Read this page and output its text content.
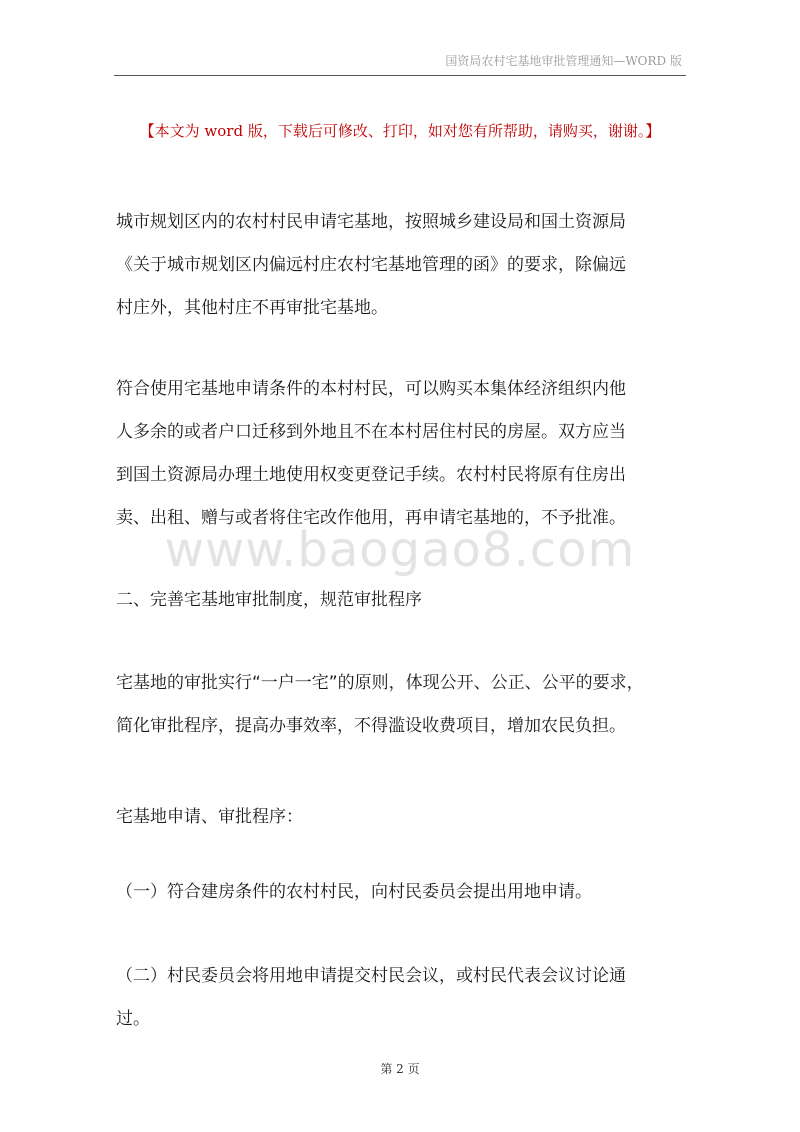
国资局农村宅基地审批管理通知—WORD 版
【本文为 word 版，下载后可修改、打印，如对您有所帮助，请购买，谢谢。】
城市规划区内的农村村民申请宅基地，按照城乡建设局和国土资源局
《关于城市规划区内偏远村庄农村宅基地管理的函》的要求，除偏远
村庄外，其他村庄不再审批宅基地。
符合使用宅基地申请条件的本村村民，可以购买本集体经济组织内他
人多余的或者户口迁移到外地且不在本村居住村民的房屋。双方应当
到国土资源局办理土地使用权变更登记手续。农村村民将原有住房出
卖、出租、赠与或者将住宅改作他用，再申请宅基地的，不予批准。
www.baogao8.com
二、完善宅基地审批制度，规范审批程序
宅基地的审批实行“一户一宅”的原则，体现公开、公正、公平的要求，
简化审批程序，提高办事效率，不得滥设收费项目，增加农民负担。
宅基地申请、审批程序：
（一）符合建房条件的农村村民，向村民委员会提出用地申请。
（二）村民委员会将用地申请提交村民会议，或村民代表会议讨论通
过。
第 2 页
